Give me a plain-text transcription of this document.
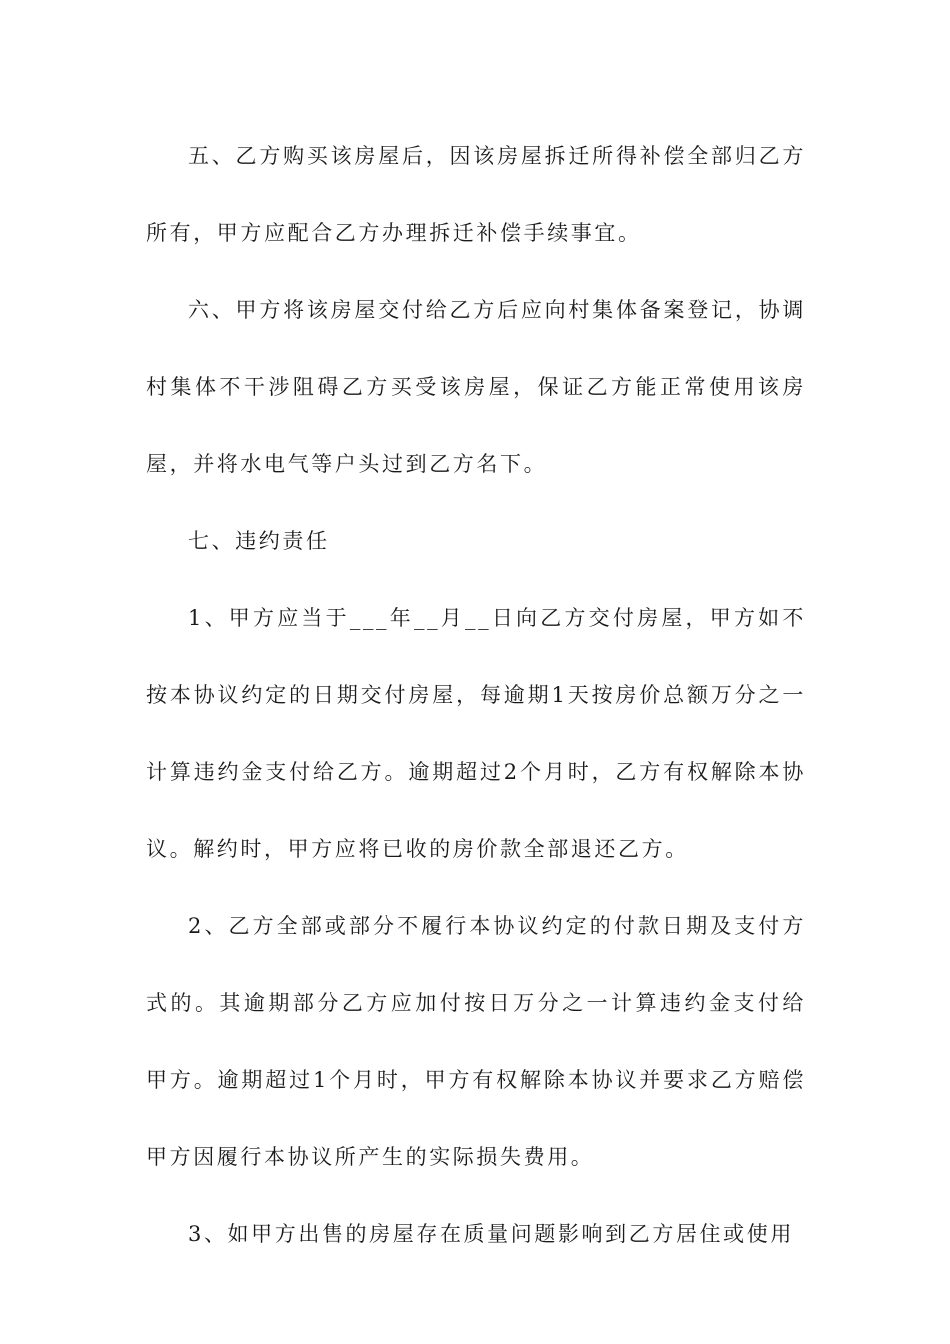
五、乙方购买该房屋后，因该房屋拆迁所得补偿全部归乙方所有，甲方应配合乙方办理拆迁补偿手续事宜。

六、甲方将该房屋交付给乙方后应向村集体备案登记，协调村集体不干涉阻碍乙方买受该房屋，保证乙方能正常使用该房屋，并将水电气等户头过到乙方名下。

七、违约责任

1、甲方应当于___年__月__日向乙方交付房屋，甲方如不按本协议约定的日期交付房屋，每逾期1天按房价总额万分之一计算违约金支付给乙方。逾期超过2个月时，乙方有权解除本协议。解约时，甲方应将已收的房价款全部退还乙方。

2、乙方全部或部分不履行本协议约定的付款日期及支付方式的。其逾期部分乙方应加付按日万分之一计算违约金支付给甲方。逾期超过1个月时，甲方有权解除本协议并要求乙方赔偿甲方因履行本协议所产生的实际损失费用。

3、如甲方出售的房屋存在质量问题影响到乙方居住或使用
